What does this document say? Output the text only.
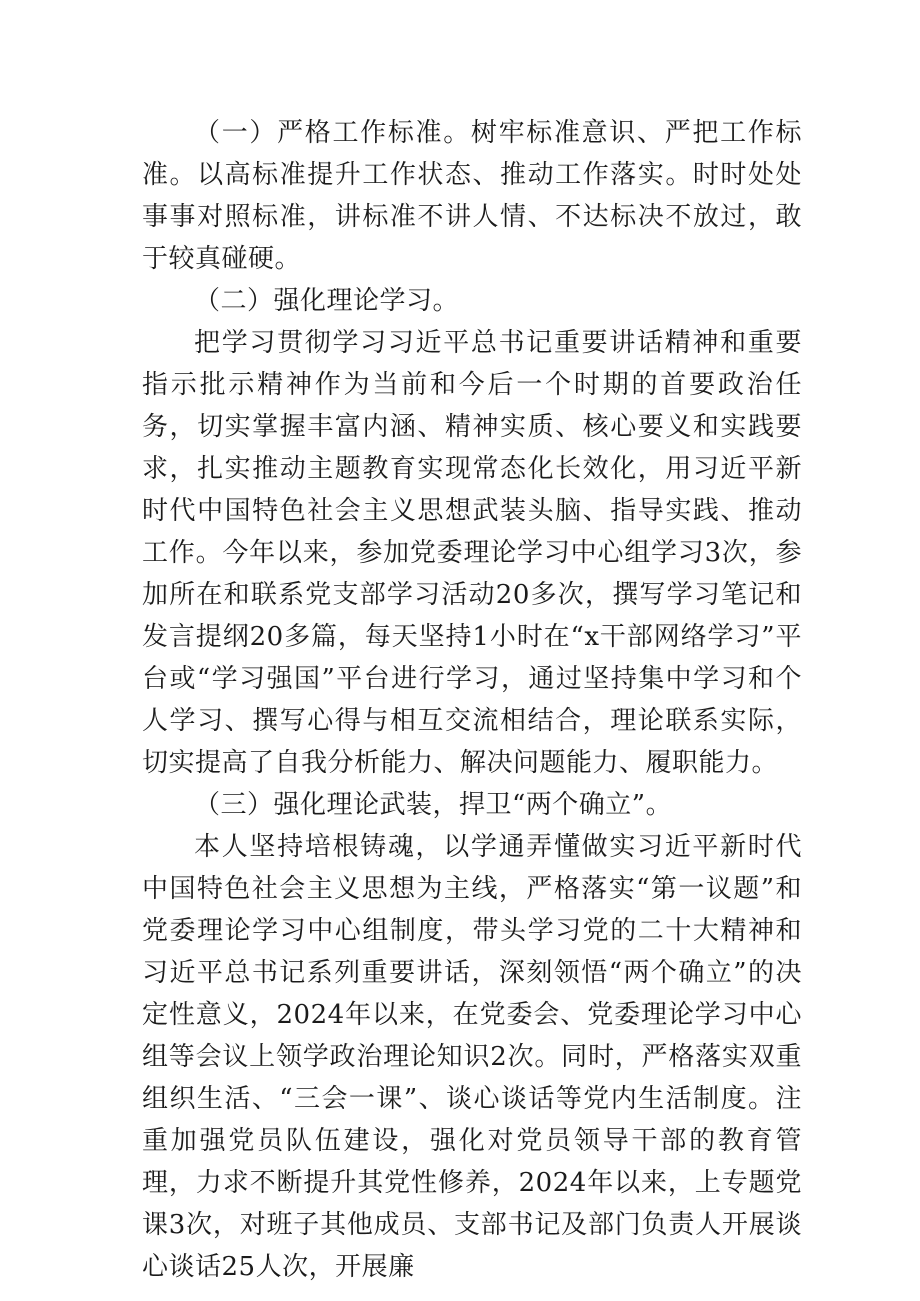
（一）严格工作标准。树牢标准意识、严把工作标准。以高标准提升工作状态、推动工作落实。时时处处事事对照标准，讲标准不讲人情、不达标决不放过，敢于较真碰硬。

（二）强化理论学习。

把学习贯彻学习习近平总书记重要讲话精神和重要指示批示精神作为当前和今后一个时期的首要政治任务，切实掌握丰富内涵、精神实质、核心要义和实践要求，扎实推动主题教育实现常态化长效化，用习近平新时代中国特色社会主义思想武装头脑、指导实践、推动工作。今年以来，参加党委理论学习中心组学习3次，参加所在和联系党支部学习活动20多次，撰写学习笔记和发言提纲20多篇，每天坚持1小时在“x干部网络学习”平台或“学习强国”平台进行学习，通过坚持集中学习和个人学习、撰写心得与相互交流相结合，理论联系实际，切实提高了自我分析能力、解决问题能力、履职能力。

（三）强化理论武装，捍卫“两个确立”。

本人坚持培根铸魂，以学通弄懂做实习近平新时代中国特色社会主义思想为主线，严格落实“第一议题”和党委理论学习中心组制度，带头学习党的二十大精神和习近平总书记系列重要讲话，深刻领悟“两个确立”的决定性意义，2024年以来，在党委会、党委理论学习中心组等会议上领学政治理论知识2次。同时，严格落实双重组织生活、“三会一课”、谈心谈话等党内生活制度。注重加强党员队伍建设，强化对党员领导干部的教育管理，力求不断提升其党性修养，2024年以来，上专题党课3次，对班子其他成员、支部书记及部门负责人开展谈心谈话25人次，开展廉
